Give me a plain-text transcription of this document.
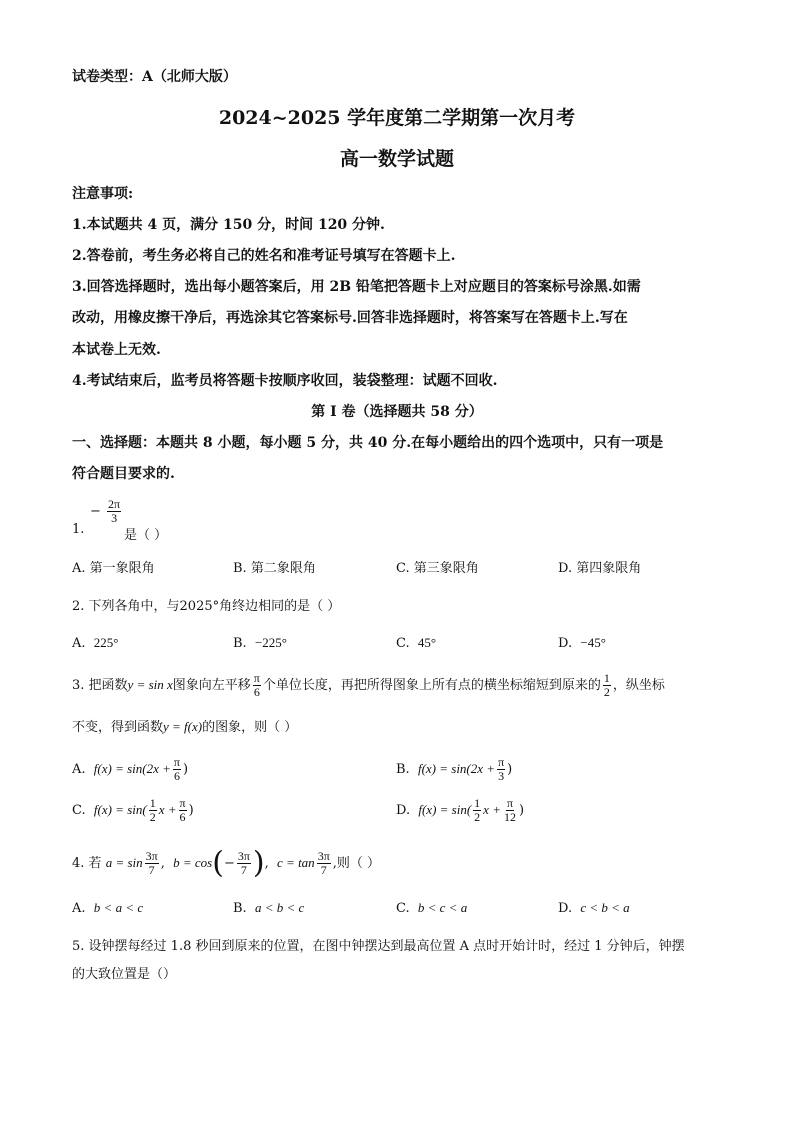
试卷类型：A（北师大版）
2024~2025 学年度第二学期第一次月考
高一数学试题
注意事项:
1.本试题共 4 页，满分 150 分，时间 120 分钟.
2.答卷前，考生务必将自己的姓名和准考证号填写在答题卡上.
3.回答选择题时，选出每小题答案后，用 2B 铅笔把答题卡上对应题目的答案标号涂黑.如需
改动，用橡皮擦干净后，再选涂其它答案标号.回答非选择题时，将答案写在答题卡上.写在
本试卷上无效.
4.考试结束后，监考员将答题卡按顺序收回，装袋整理：试题不回收.
第 I 卷（选择题共 58 分）
一、选择题：本题共 8 小题，每小题 5 分，共 40 分.在每小题给出的四个选项中，只有一项是
符合题目要求的.
1.
− $\frac{2\pi}{3}$
是（ ）
A. 第一象限角	B. 第二象限角	C. 第三象限角	D. 第四象限角
2. 下列各角中，与2025°角终边相同的是（ ）
A. 225°	B. −225°	C. 45°	D. −45°
3. 把函数y = sin x图象向左平移 $\frac{\pi}{6}$ 个单位长度，再把所得图象上所有点的横坐标缩短到原来的 $\frac{1}{2}$ ，纵坐标
不变，得到函数y = f(x)的图象，则（ ）
A. $f(x) = \sin(2x + \frac{\pi}{6}$ )	B. $f(x) = \sin(2x + \frac{\pi}{3}$ )
C. $f(x) = \sin( \frac{1}{2}$ $x + \frac{\pi}{6}$ )	D. $f(x) = \sin( \frac{1}{2}$ $x + \frac{\pi}{12}$ )
4. 若 $a = \sin \frac{3\pi}{7}$ ,  $b = \cos(- \frac{3\pi}{7}$ ),  $c = \tan \frac{3\pi}{7}$ ,则（ ）
A. b < a < c	B. a < b < c	C. b < c < a	D. c < b < a
5. 设钟摆每经过 1.8 秒回到原来的位置，在图中钟摆达到最高位置 A 点时开始计时，经过 1 分钟后，钟摆
的大致位置是（）
